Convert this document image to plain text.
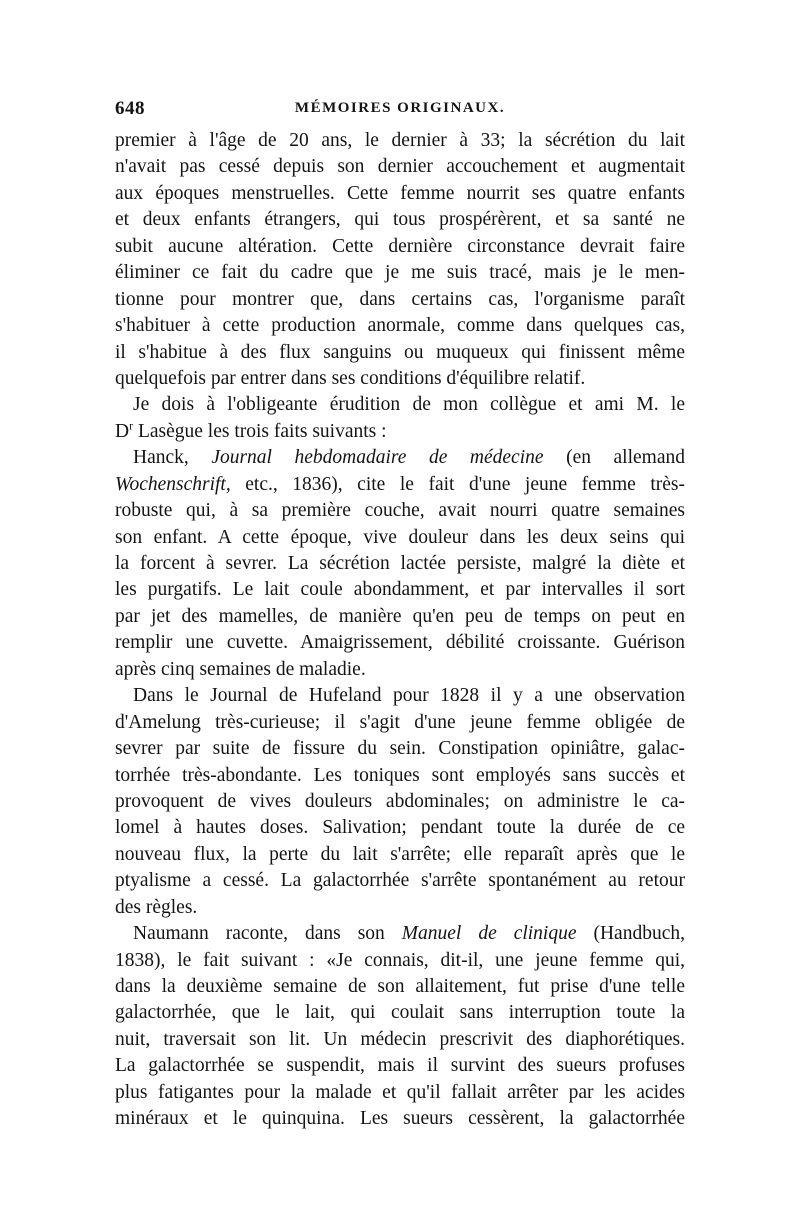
648	MÉMOIRES ORIGINAUX.
premier à l'âge de 20 ans, le dernier à 33; la sécrétion du lait
n'avait pas cessé depuis son dernier accouchement et augmentait
aux époques menstruelles. Cette femme nourrit ses quatre enfants
et deux enfants étrangers, qui tous prospérèrent, et sa santé ne
subit aucune altération. Cette dernière circonstance devrait faire
éliminer ce fait du cadre que je me suis tracé, mais je le men-
tionne pour montrer que, dans certains cas, l'organisme paraît
s'habituer à cette production anormale, comme dans quelques cas,
il s'habitue à des flux sanguins ou muqueux qui finissent même
quelquefois par entrer dans ses conditions d'équilibre relatif.
Je dois à l'obligeante érudition de mon collègue et ami M. le
$D^r$ Lasègue les trois faits suivants :
Hanck, Journal hebdomadaire de médecine (en allemand
Wochenschrift, etc., 1836), cite le fait d'une jeune femme très-
robuste qui, à sa première couche, avait nourri quatre semaines
son enfant. A cette époque, vive douleur dans les deux seins qui
la forcent à sevrer. La sécrétion lactée persiste, malgré la diète et
les purgatifs. Le lait coule abondamment, et par intervalles il sort
par jet des mamelles, de manière qu'en peu de temps on peut en
remplir une cuvette. Amaigrissement, débilité croissante. Guérison
après cinq semaines de maladie.
Dans le Journal de Hufeland pour 1828 il y a une observation
d'Amelung très-curieuse; il s'agit d'une jeune femme obligée de
sevrer par suite de fissure du sein. Constipation opiniâtre, galac-
torrhée très-abondante. Les toniques sont employés sans succès et
provoquent de vives douleurs abdominales; on administre le ca-
lomel à hautes doses. Salivation; pendant toute la durée de ce
nouveau flux, la perte du lait s'arrête; elle reparaît après que le
ptyalisme a cessé. La galactorrhée s'arrête spontanément au retour
des règles.
Naumann raconte, dans son Manuel de clinique (Handbuch,
1838), le fait suivant : «Je connais, dit-il, une jeune femme qui,
dans la deuxième semaine de son allaitement, fut prise d'une telle
galactorrhée, que le lait, qui coulait sans interruption toute la
nuit, traversait son lit. Un médecin prescrivit des diaphorétiques.
La galactorrhée se suspendit, mais il survint des sueurs profuses
plus fatigantes pour la malade et qu'il fallait arrêter par les acides
minéraux et le quinquina. Les sueurs cessèrent, la galactorrhée
